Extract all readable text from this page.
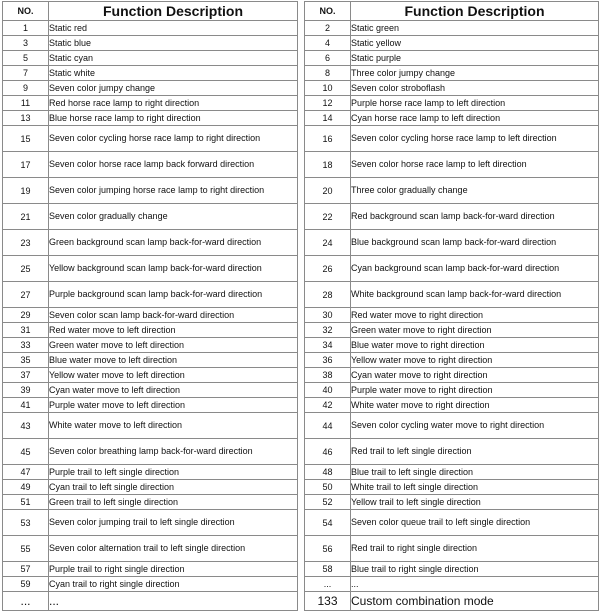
NO.	Function Description
1	Static red
3	Static blue
5	Static cyan
7	Static white
9	Seven color jumpy change
11	Red horse race lamp to right direction
13	Blue horse race lamp to right direction
15	Seven color cycling horse race lamp to right direction
17	Seven color horse race lamp back forward direction
19	Seven color jumping horse race lamp to right direction
21	Seven color gradually change
23	Green background scan lamp back-for-ward direction
25	Yellow background scan lamp back-for-ward direction
27	Purple background scan lamp back-for-ward direction
29	Seven color scan lamp back-for-ward direction
31	Red water move to left direction
33	Green water move to left direction
35	Blue water move to left direction
37	Yellow water move to left direction
39	Cyan water move to left direction
41	Purple water move to left direction
43	White water move to left direction
45	Seven color breathing lamp back-for-ward direction
47	Purple trail to left single direction
49	Cyan trail to left single direction
51	Green trail to left single direction
53	Seven color jumping trail to left single direction
55	Seven color alternation trail to left single direction
57	Purple trail to right single direction
59	Cyan trail to right single direction
...	...
NO.	Function Description
2	Static green
4	Static yellow
6	Static purple
8	Three color jumpy change
10	Seven color stroboflash
12	Purple horse race lamp to left direction
14	Cyan horse race lamp to left direction
16	Seven color cycling horse race lamp to left direction
18	Seven color horse race lamp to left direction
20	Three color gradually change
22	Red background scan lamp back-for-ward direction
24	Blue background scan lamp back-for-ward direction
26	Cyan background scan lamp back-for-ward direction
28	White background scan lamp back-for-ward direction
30	Red water move to right direction
32	Green water move to right direction
34	Blue water move to right direction
36	Yellow water move to right direction
38	Cyan water move to right direction
40	Purple water move to right direction
42	White water move to right direction
44	Seven color cycling water move to right direction
46	Red trail to left single direction
48	Blue trail to left single direction
50	White trail to left single direction
52	Yellow trail to left single direction
54	Seven color queue trail to left single direction
56	Red trail to right single direction
58	Blue trail to right single direction
...	...
133	Custom combination mode
